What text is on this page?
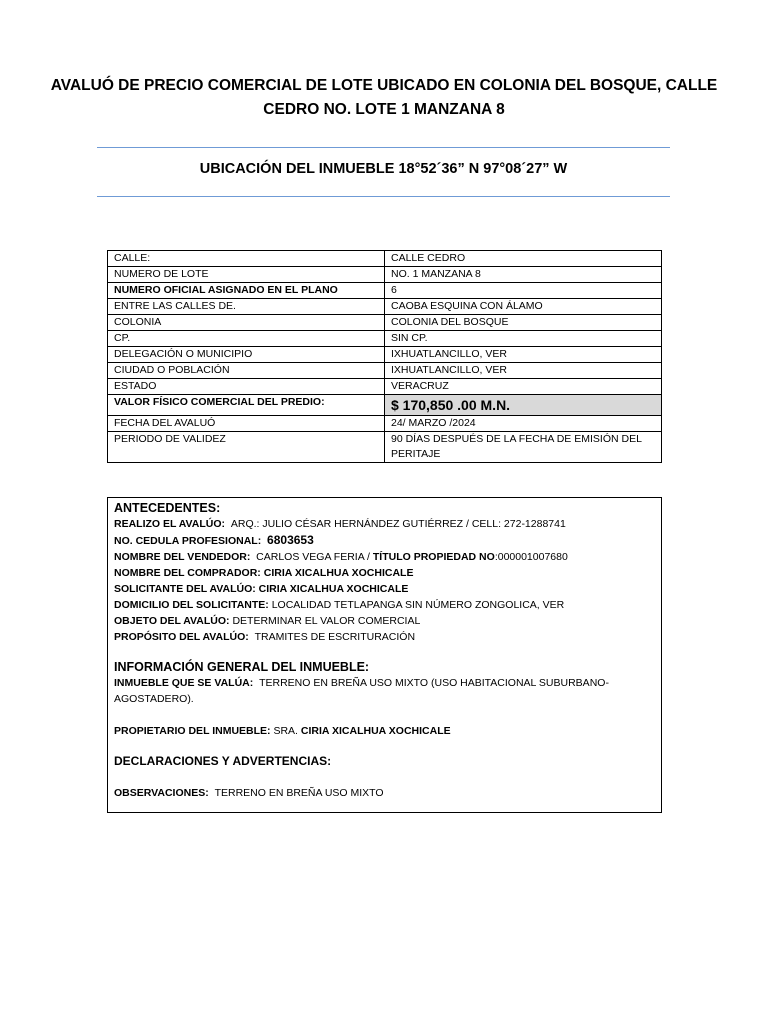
AVALUÓ DE PRECIO COMERCIAL DE LOTE UBICADO EN COLONIA DEL BOSQUE, CALLE CEDRO NO. LOTE 1 MANZANA 8
UBICACIÓN DEL INMUEBLE 18°52´36” N 97°08´27” W
CALLE:	CALLE CEDRO
NUMERO DE LOTE	NO. 1 MANZANA 8
NUMERO OFICIAL ASIGNADO EN EL PLANO	6
ENTRE LAS CALLES DE.	CAOBA ESQUINA CON ÁLAMO
COLONIA	COLONIA DEL BOSQUE
CP.	SIN CP.
DELEGACIÓN O MUNICIPIO	IXHUATLANCILLO, VER
CIUDAD O POBLACIÓN	IXHUATLANCILLO, VER
ESTADO	VERACRUZ
VALOR FÍSICO COMERCIAL DEL PREDIO:	$ 170,850 .00 M.N.
FECHA DEL AVALUÓ	24/ MARZO /2024
PERIODO DE VALIDEZ	90 DÍAS DESPUÉS DE LA FECHA DE EMISIÓN DEL PERITAJE
ANTECEDENTES:
REALIZO EL AVALÚO: ARQ.: JULIO CÉSAR HERNÁNDEZ GUTIÉRREZ / CELL: 272-1288741
NO. CEDULA PROFESIONAL: 6803653
NOMBRE DEL VENDEDOR: CARLOS VEGA FERIA / TÍTULO PROPIEDAD NO:000001007680
NOMBRE DEL COMPRADOR: CIRIA XICALHUA XOCHICALE
SOLICITANTE DEL AVALÚO: CIRIA XICALHUA XOCHICALE
DOMICILIO DEL SOLICITANTE: LOCALIDAD TETLAPANGA SIN NÚMERO ZONGOLICA, VER
OBJETO DEL AVALÚO: DETERMINAR EL VALOR COMERCIAL
PROPÓSITO DEL AVALÚO: TRAMITES DE ESCRITURACIÓN
INFORMACIÓN GENERAL DEL INMUEBLE:
INMUEBLE QUE SE VALÚA: TERRENO EN BREÑA USO MIXTO (USO HABITACIONAL SUBURBANO-AGOSTADERO).
PROPIETARIO DEL INMUEBLE: SRA. CIRIA XICALHUA XOCHICALE
DECLARACIONES Y ADVERTENCIAS:
OBSERVACIONES: TERRENO EN BREÑA USO MIXTO
